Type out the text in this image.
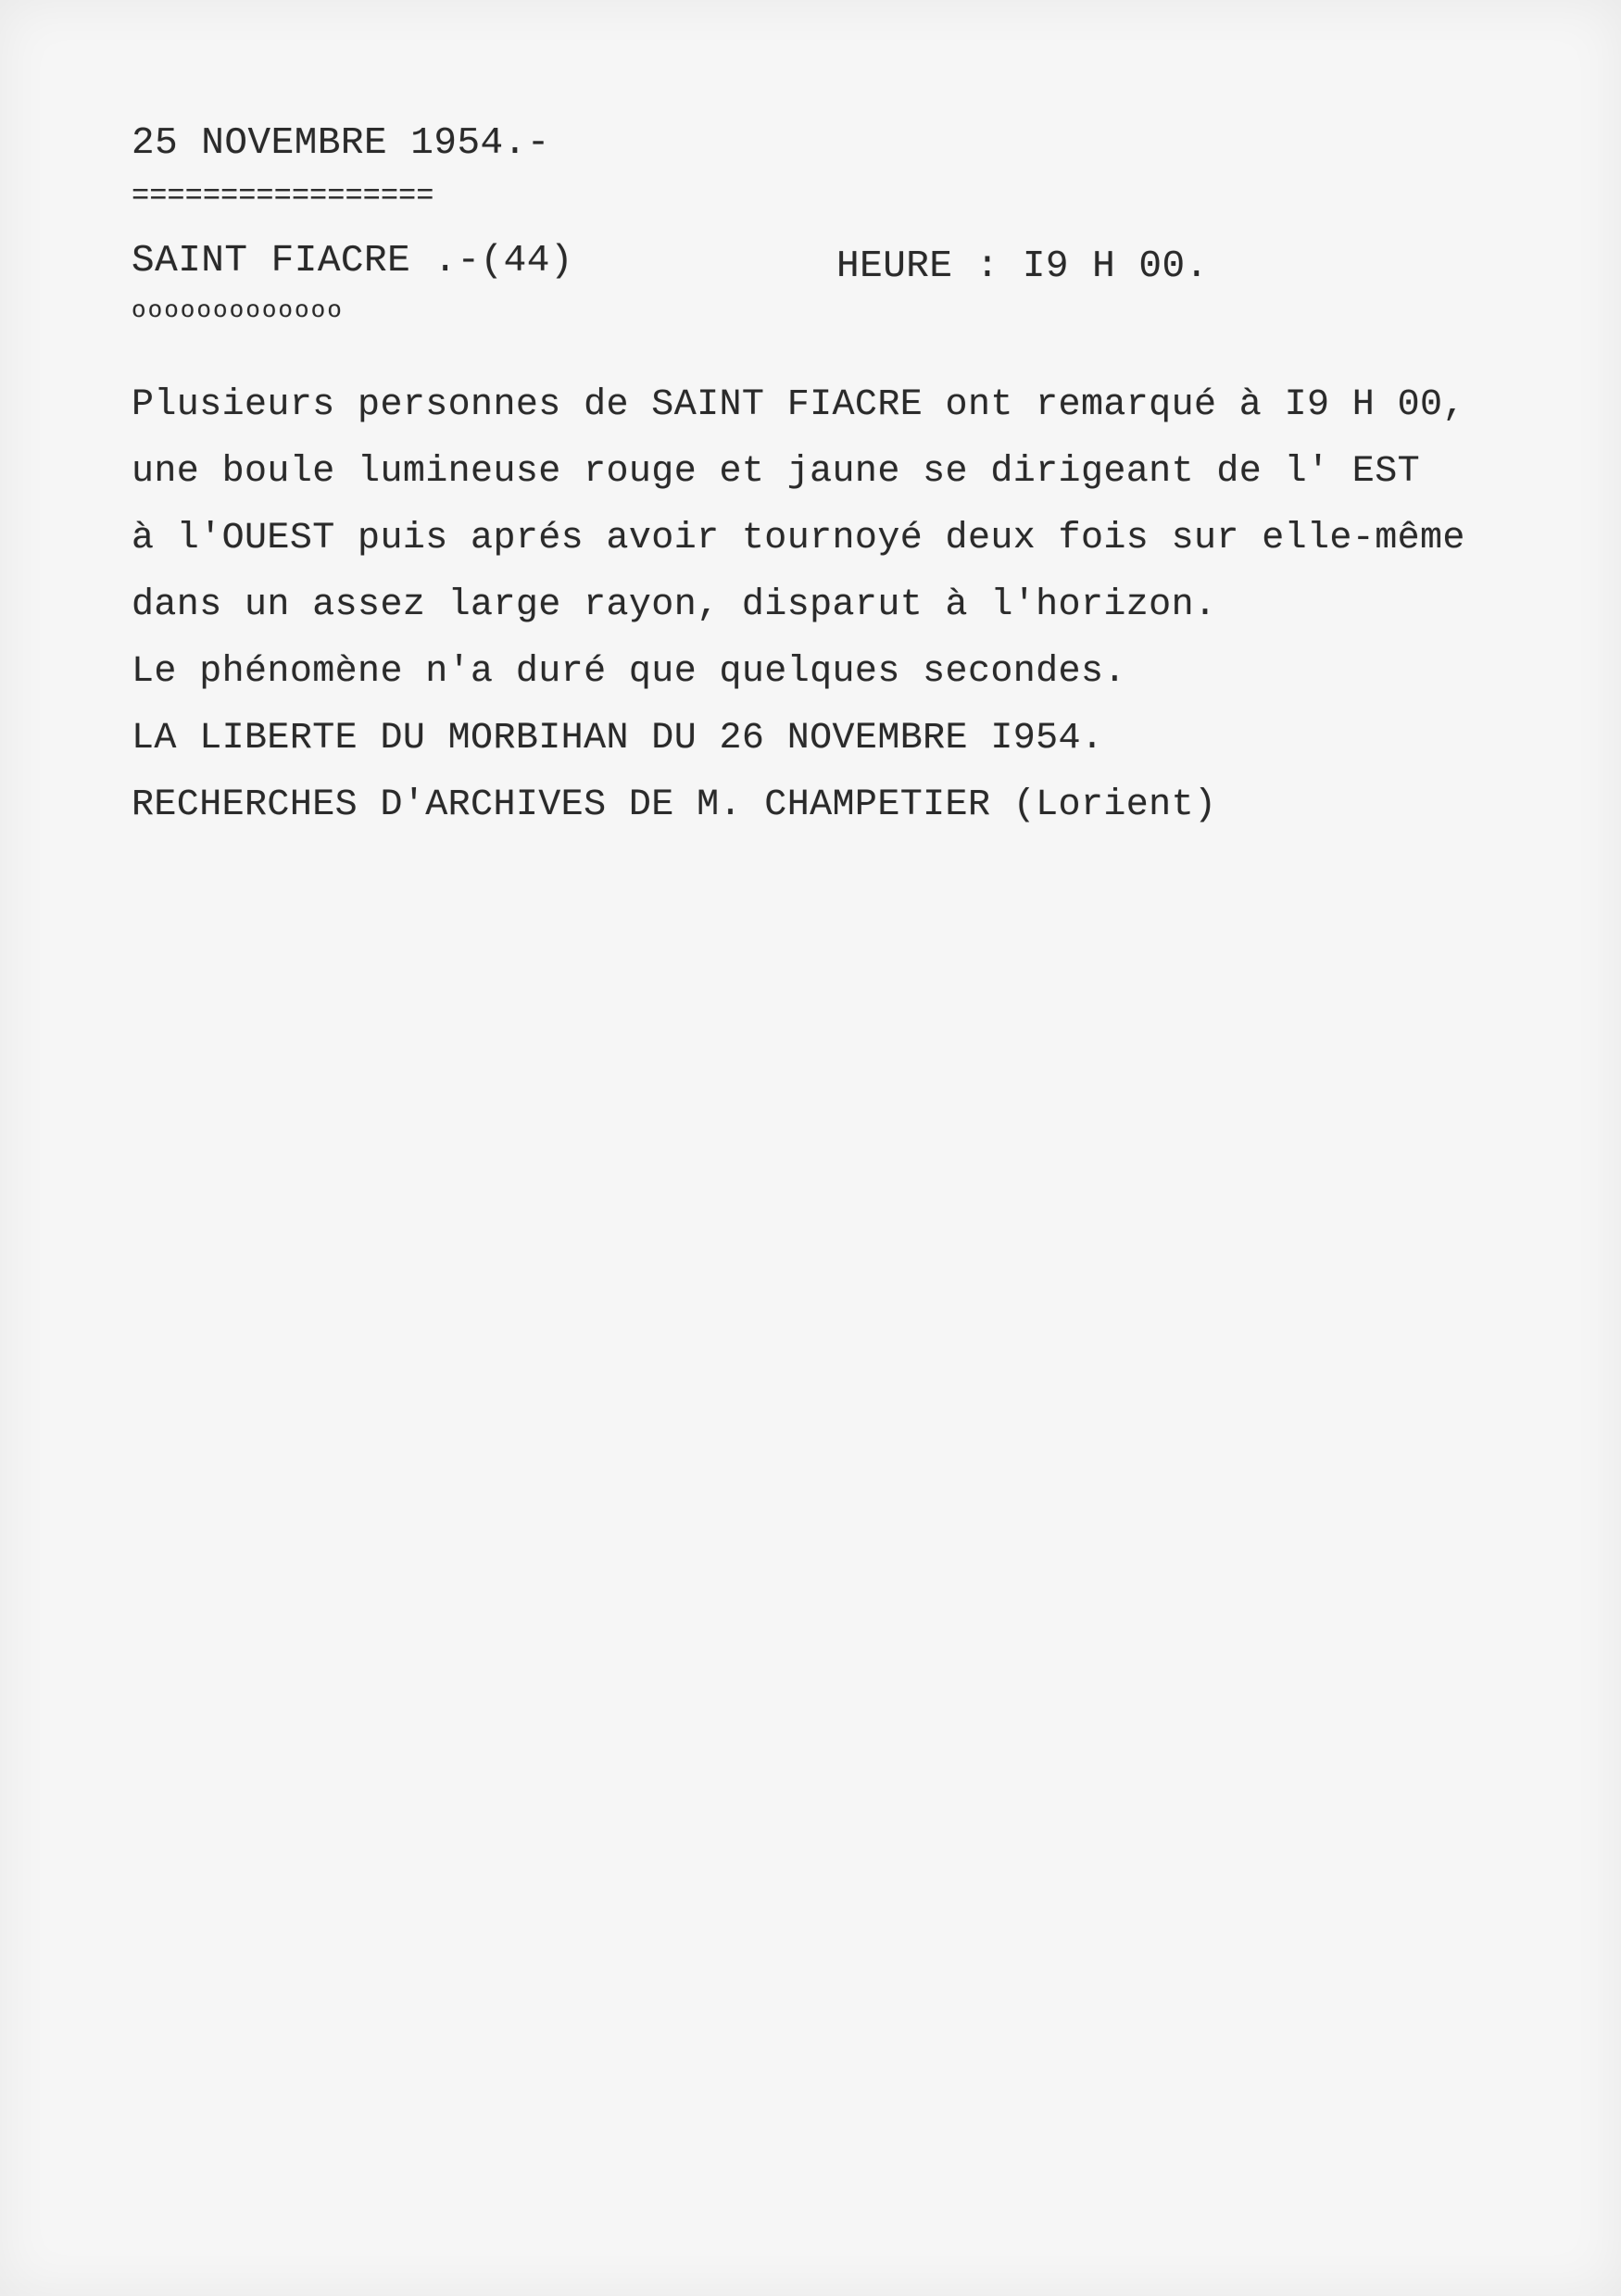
25 NOVEMBRE 1954.-
=================
SAINT FIACRE .-(44)	HEURE : I9 H 00.
ooooooooooooo
Plusieurs personnes de SAINT FIACRE ont remarqué à I9 H 00,
une boule lumineuse rouge et jaune se dirigeant de l' EST
à l'OUEST puis aprés avoir tournoyé deux fois sur elle-même
dans un assez large rayon, disparut à l'horizon.
Le phénomène n'a duré que quelques secondes.
LA LIBERTE DU MORBIHAN DU 26 NOVEMBRE I954.
RECHERCHES D'ARCHIVES DE M. CHAMPETIER (Lorient)
